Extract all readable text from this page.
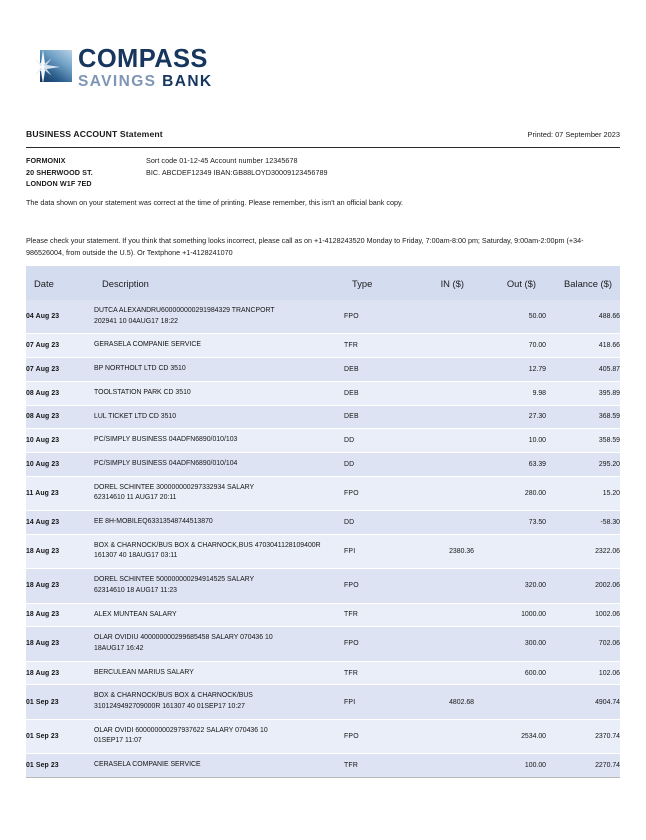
COMPASS
SAVINGS BANK
BUSINESS ACCOUNT Statement	Printed: 07 September 2023
FORMONIX
20 SHERWOOD ST.
LONDON W1F 7ED
Sort code 01-12-45 Account number 12345678
BIC. ABCDEF12349 IBAN:GB88LOYD30009123456789
The data shown on your statement was correct at the time of printing. Please remember, this isn't an official bank copy.
Please check your statement. If you think that something looks incorrect, please call as on +1-4128243520 Monday to Friday, 7:00am-8:00 pm; Saturday, 9:00am-2:00pm (+34-986526004, from outside the U.5). Or Textphone +1-4128241070
Date	Description	Type	IN ($)	Out ($)	Balance ($)
04 Aug 23	DUTCA ALEXANDRU600000000291984329 TRANCPORT
202941 10 04AUG17 18:22	FPO		50.00	488.66
07 Aug 23	GERASELA COMPANIE SERVICE	TFR		70.00	418.66
07 Aug 23	BP NORTHOLT LTD CD 3510	DEB		12.79	405.87
08 Aug 23	TOOLSTATION PARK CD 3510	DEB		9.98	395.89
08 Aug 23	LUL TICKET LTD CD 3510	DEB		27.30	368.59
10 Aug 23	PC/SIMPLY BUSINESS 04ADFN6890/010/103	DD		10.00	358.59
10 Aug 23	PC/SIMPLY BUSINESS 04ADFN6890/010/104	DD		63.39	295.20
11 Aug 23	DOREL SCHINTEE 300000000297332934 SALARY
62314610 11 AUG17 20:11	FPO		280.00	15.20
14 Aug 23	EE 8H-MOBILEQ63313548744513870	DD		73.50	-58.30
18 Aug 23	BOX & CHARNOCK/BUS BOX & CHARNOCK,BUS 4703041128109400R
161307 40 18AUG17 03:11	FPI	2380.36		2322.06
18 Aug 23	DOREL SCHINTEE 500000000294914525 SALARY
62314610 18 AUG17 11:23	FPO		320.00	2002.06
18 Aug 23	ALEX MUNTEAN SALARY	TFR		1000.00	1002.06
18 Aug 23	OLAR OVIDIU 400000000299685458 SALARY 070436 10
18AUG17 16:42	FPO		300.00	702.06
18 Aug 23	BERCULEAN MARIUS SALARY	TFR		600.00	102.06
01 Sep 23	BOX & CHARNOCK/BUS BOX & CHARNOCK/BUS
3101249492709000R 161307 40 01SEP17 10:27	FPI	4802.68		4904.74
01 Sep 23	OLAR OVIDI 600000000297937622 SALARY 070436 10
01SEP17 11:07	FPO		2534.00	2370.74
01 Sep 23	CERASELA COMPANIE SERVICE	TFR		100.00	2270.74
